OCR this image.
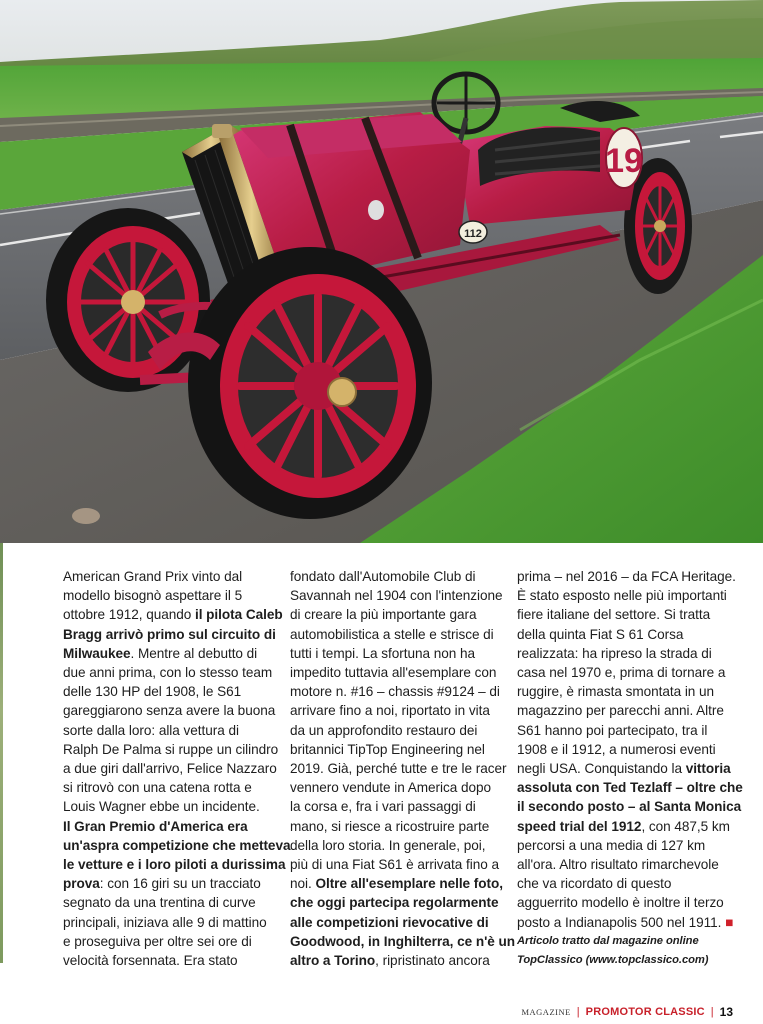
19
112
American Grand Prix vinto dal
modello bisognò aspettare il 5
ottobre 1912, quando il pilota Caleb
Bragg arrivò primo sul circuito di
Milwaukee. Mentre al debutto di
due anni prima, con lo stesso team
delle 130 HP del 1908, le S61
gareggiarono senza avere la buona
sorte dalla loro: alla vettura di
Ralph De Palma si ruppe un cilindro
a due giri dall'arrivo, Felice Nazzaro
si ritrovò con una catena rotta e
Louis Wagner ebbe un incidente.
Il Gran Premio d'America era
un'aspra competizione che metteva
le vetture e i loro piloti a durissima
prova: con 16 giri su un tracciato
segnato da una trentina di curve
principali, iniziava alle 9 di mattino
e proseguiva per oltre sei ore di
velocità forsennata. Era stato
fondato dall'Automobile Club di
Savannah nel 1904 con l'intenzione
di creare la più importante gara
automobilistica a stelle e strisce di
tutti i tempi. La sfortuna non ha
impedito tuttavia all'esemplare con
motore n. #16 – chassis #9124 – di
arrivare fino a noi, riportato in vita
da un approfondito restauro dei
britannici TipTop Engineering nel
2019. Già, perché tutte e tre le racer
vennero vendute in America dopo
la corsa e, fra i vari passaggi di
mano, si riesce a ricostruire parte
della loro storia. In generale, poi,
più di una Fiat S61 è arrivata fino a
noi. Oltre all'esemplare nelle foto,
che oggi partecipa regolarmente
alle competizioni rievocative di
Goodwood, in Inghilterra, ce n'è un
altro a Torino, ripristinato ancora
prima – nel 2016 – da FCA Heritage.
È stato esposto nelle più importanti
fiere italiane del settore. Si tratta
della quinta Fiat S 61 Corsa
realizzata: ha ripreso la strada di
casa nel 1970 e, prima di tornare a
ruggire, è rimasta smontata in un
magazzino per parecchi anni. Altre
S61 hanno poi partecipato, tra il
1908 e il 1912, a numerosi eventi
negli USA. Conquistando la vittoria
assoluta con Ted Tezlaff – oltre che
il secondo posto – al Santa Monica
speed trial del 1912, con 487,5 km
percorsi a una media di 127 km
all'ora. Altro risultato rimarchevole
che va ricordato di questo
agguerrito modello è inoltre il terzo
posto a Indianapolis 500 nel 1911. ■
Articolo tratto dal magazine online
TopClassico (www.topclassico.com)
MAGAZINE | PROMOTOR CLASSIC | 13
